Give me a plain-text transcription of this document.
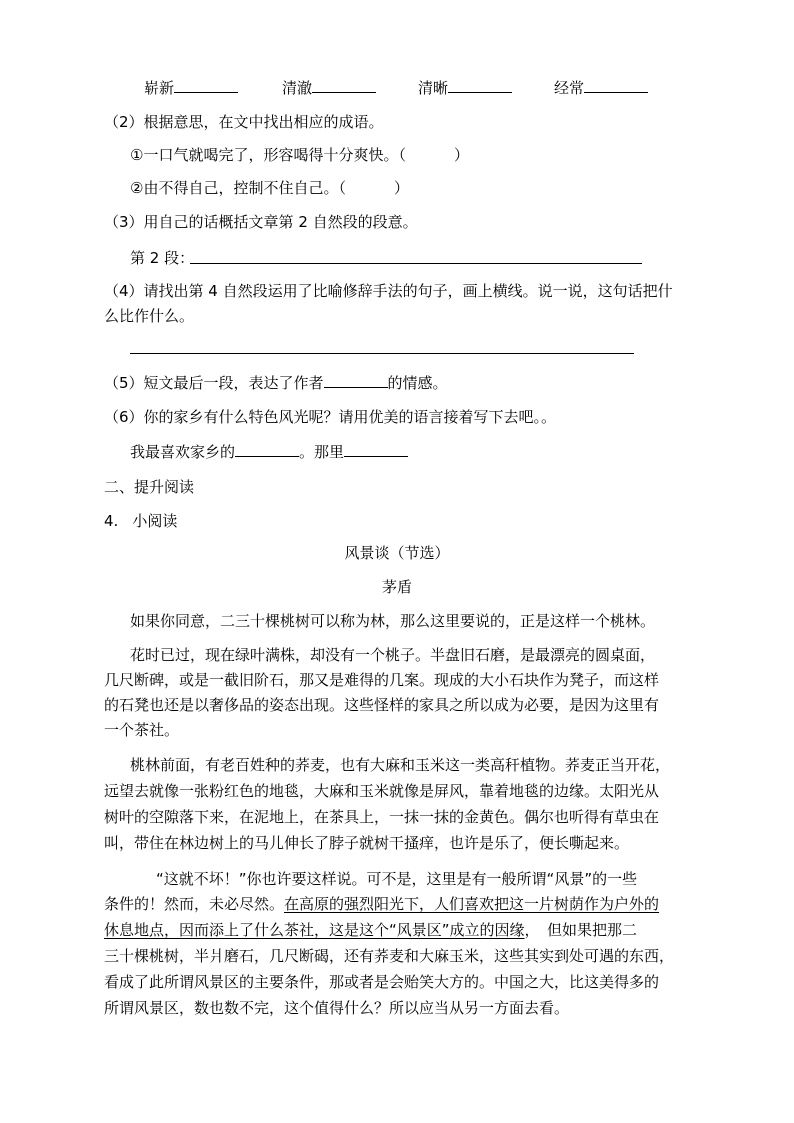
崭新	清澈	清晰	经常
（2）根据意思，在文中找出相应的成语。
①一口气就喝完了，形容喝得十分爽快。（	）
②由不得自己，控制不住自己。（	）
（3）用自己的话概括文章第 2 自然段的段意。
第 2 段：
（4）请找出第 4 自然段运用了比喻修辞手法的句子，画上横线。说一说，这句话把什
么比作什么。
（5）短文最后一段，表达了作者	的情感。
（6）你的家乡有什么特色风光呢？请用优美的语言接着写下去吧。。
我最喜欢家乡的	。那里
二、提升阅读
4. 小阅读
风景谈（节选）
茅盾
如果你同意，二三十棵桃树可以称为林，那么这里要说的，正是这样一个桃林。
花时已过，现在绿叶满株，却没有一个桃子。半盘旧石磨，是最漂亮的圆桌面，
几尺断碑，或是一截旧阶石，那又是难得的几案。现成的大小石块作为凳子，而这样
的石凳也还是以奢侈品的姿态出现。这些怪样的家具之所以成为必要，是因为这里有
一个茶社。
桃林前面，有老百姓种的荞麦，也有大麻和玉米这一类高秆植物。荞麦正当开花，
远望去就像一张粉红色的地毯，大麻和玉米就像是屏风，靠着地毯的边缘。太阳光从
树叶的空隙落下来，在泥地上，在茶具上，一抹一抹的金黄色。偶尔也听得有草虫在
叫，带住在林边树上的马儿伸长了脖子就树干搔痒，也许是乐了，便长嘶起来。
“这就不坏！”你也许要这样说。可不是，这里是有一般所谓“风景”的一些
条件的！然而，未必尽然。在高原的强烈阳光下，人们喜欢把这一片树荫作为户外的
休息地点，因而添上了什么茶社，这是这个“风景区”成立的因缘，　但如果把那二
三十棵桃树，半爿磨石，几尺断碣，还有荞麦和大麻玉米，这些其实到处可遇的东西，
看成了此所谓风景区的主要条件，那或者是会贻笑大方的。中国之大，比这美得多的
所谓风景区，数也数不完，这个值得什么？所以应当从另一方面去看。
